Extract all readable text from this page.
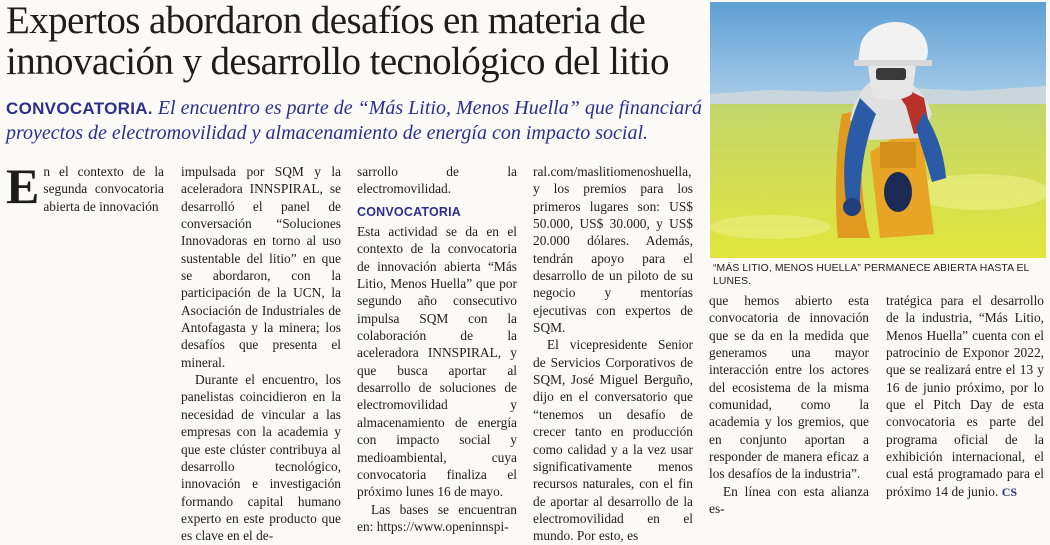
Expertos abordaron desafíos en materia de innovación y desarrollo tecnológico del litio

CONVOCATORIA. El encuentro es parte de “Más Litio, Menos Huella” que financiará proyectos de electromovilidad y almacenamiento de energía con impacto social.

E n el contexto de la segunda convocatoria abierta de innovación

impulsada por SQM y la aceleradora INNSPIRAL, se desarrolló el panel de conversación “Soluciones Innovadoras en torno al uso sustentable del litio” en que se abordaron, con la participación de la UCN, la Asociación de Industriales de Antofagasta y la minera; los desafíos que presenta el mineral.

Durante el encuentro, los panelistas coincidieron en la necesidad de vincular a las empresas con la academia y que este clúster contribuya al desarrollo tecnológico, innovación e investigación formando capital humano experto en este producto que es clave en el de-

sarrollo de la electromovilidad.

CONVOCATORIA

Esta actividad se da en el contexto de la convocatoria de innovación abierta “Más Litio, Menos Huella” que por segundo año consecutivo impulsa SQM con la colaboración de la aceleradora INNSPIRAL, y que busca aportar al desarrollo de soluciones de electromovilidad y almacenamiento de energía con impacto social y medioambiental, cuya convocatoria finaliza el próximo lunes 16 de mayo.

Las bases se encuentran en: https://www.openinnspi-

ral.com/maslitiomenoshuella, y los premios para los primeros lugares son: US$ 50.000, US$ 30.000, y US$ 20.000 dólares. Además, tendrán apoyo para el desarrollo de un piloto de su negocio y mentorías ejecutivas con expertos de SQM.

El vicepresidente Senior de Servicios Corporativos de SQM, José Miguel Berguño, dijo en el conversatorio que “tenemos un desafío de crecer tanto en producción como calidad y a la vez usar significativamente menos recursos naturales, con el fin de aportar al desarrollo de la electromovilidad en el mundo. Por esto, es

“MÁS LITIO, MENOS HUELLA” PERMANECE ABIERTA HASTA EL LUNES.

que hemos abierto esta convocatoria de innovación que se da en la medida que generamos una mayor interacción entre los actores del ecosistema de la misma comunidad, como la academia y los gremios, que en conjunto aportan a responder de manera eficaz a los desafíos de la industria”.

En línea con esta alianza es-

tratégica para el desarrollo de la industria, “Más Litio, Menos Huella” cuenta con el patrocinio de Exponor 2022, que se realizará entre el 13 y 16 de junio próximo, por lo que el Pitch Day de esta convocatoria es parte del programa oficial de la exhibición internacional, el cual está programado para el próximo 14 de junio. CS
